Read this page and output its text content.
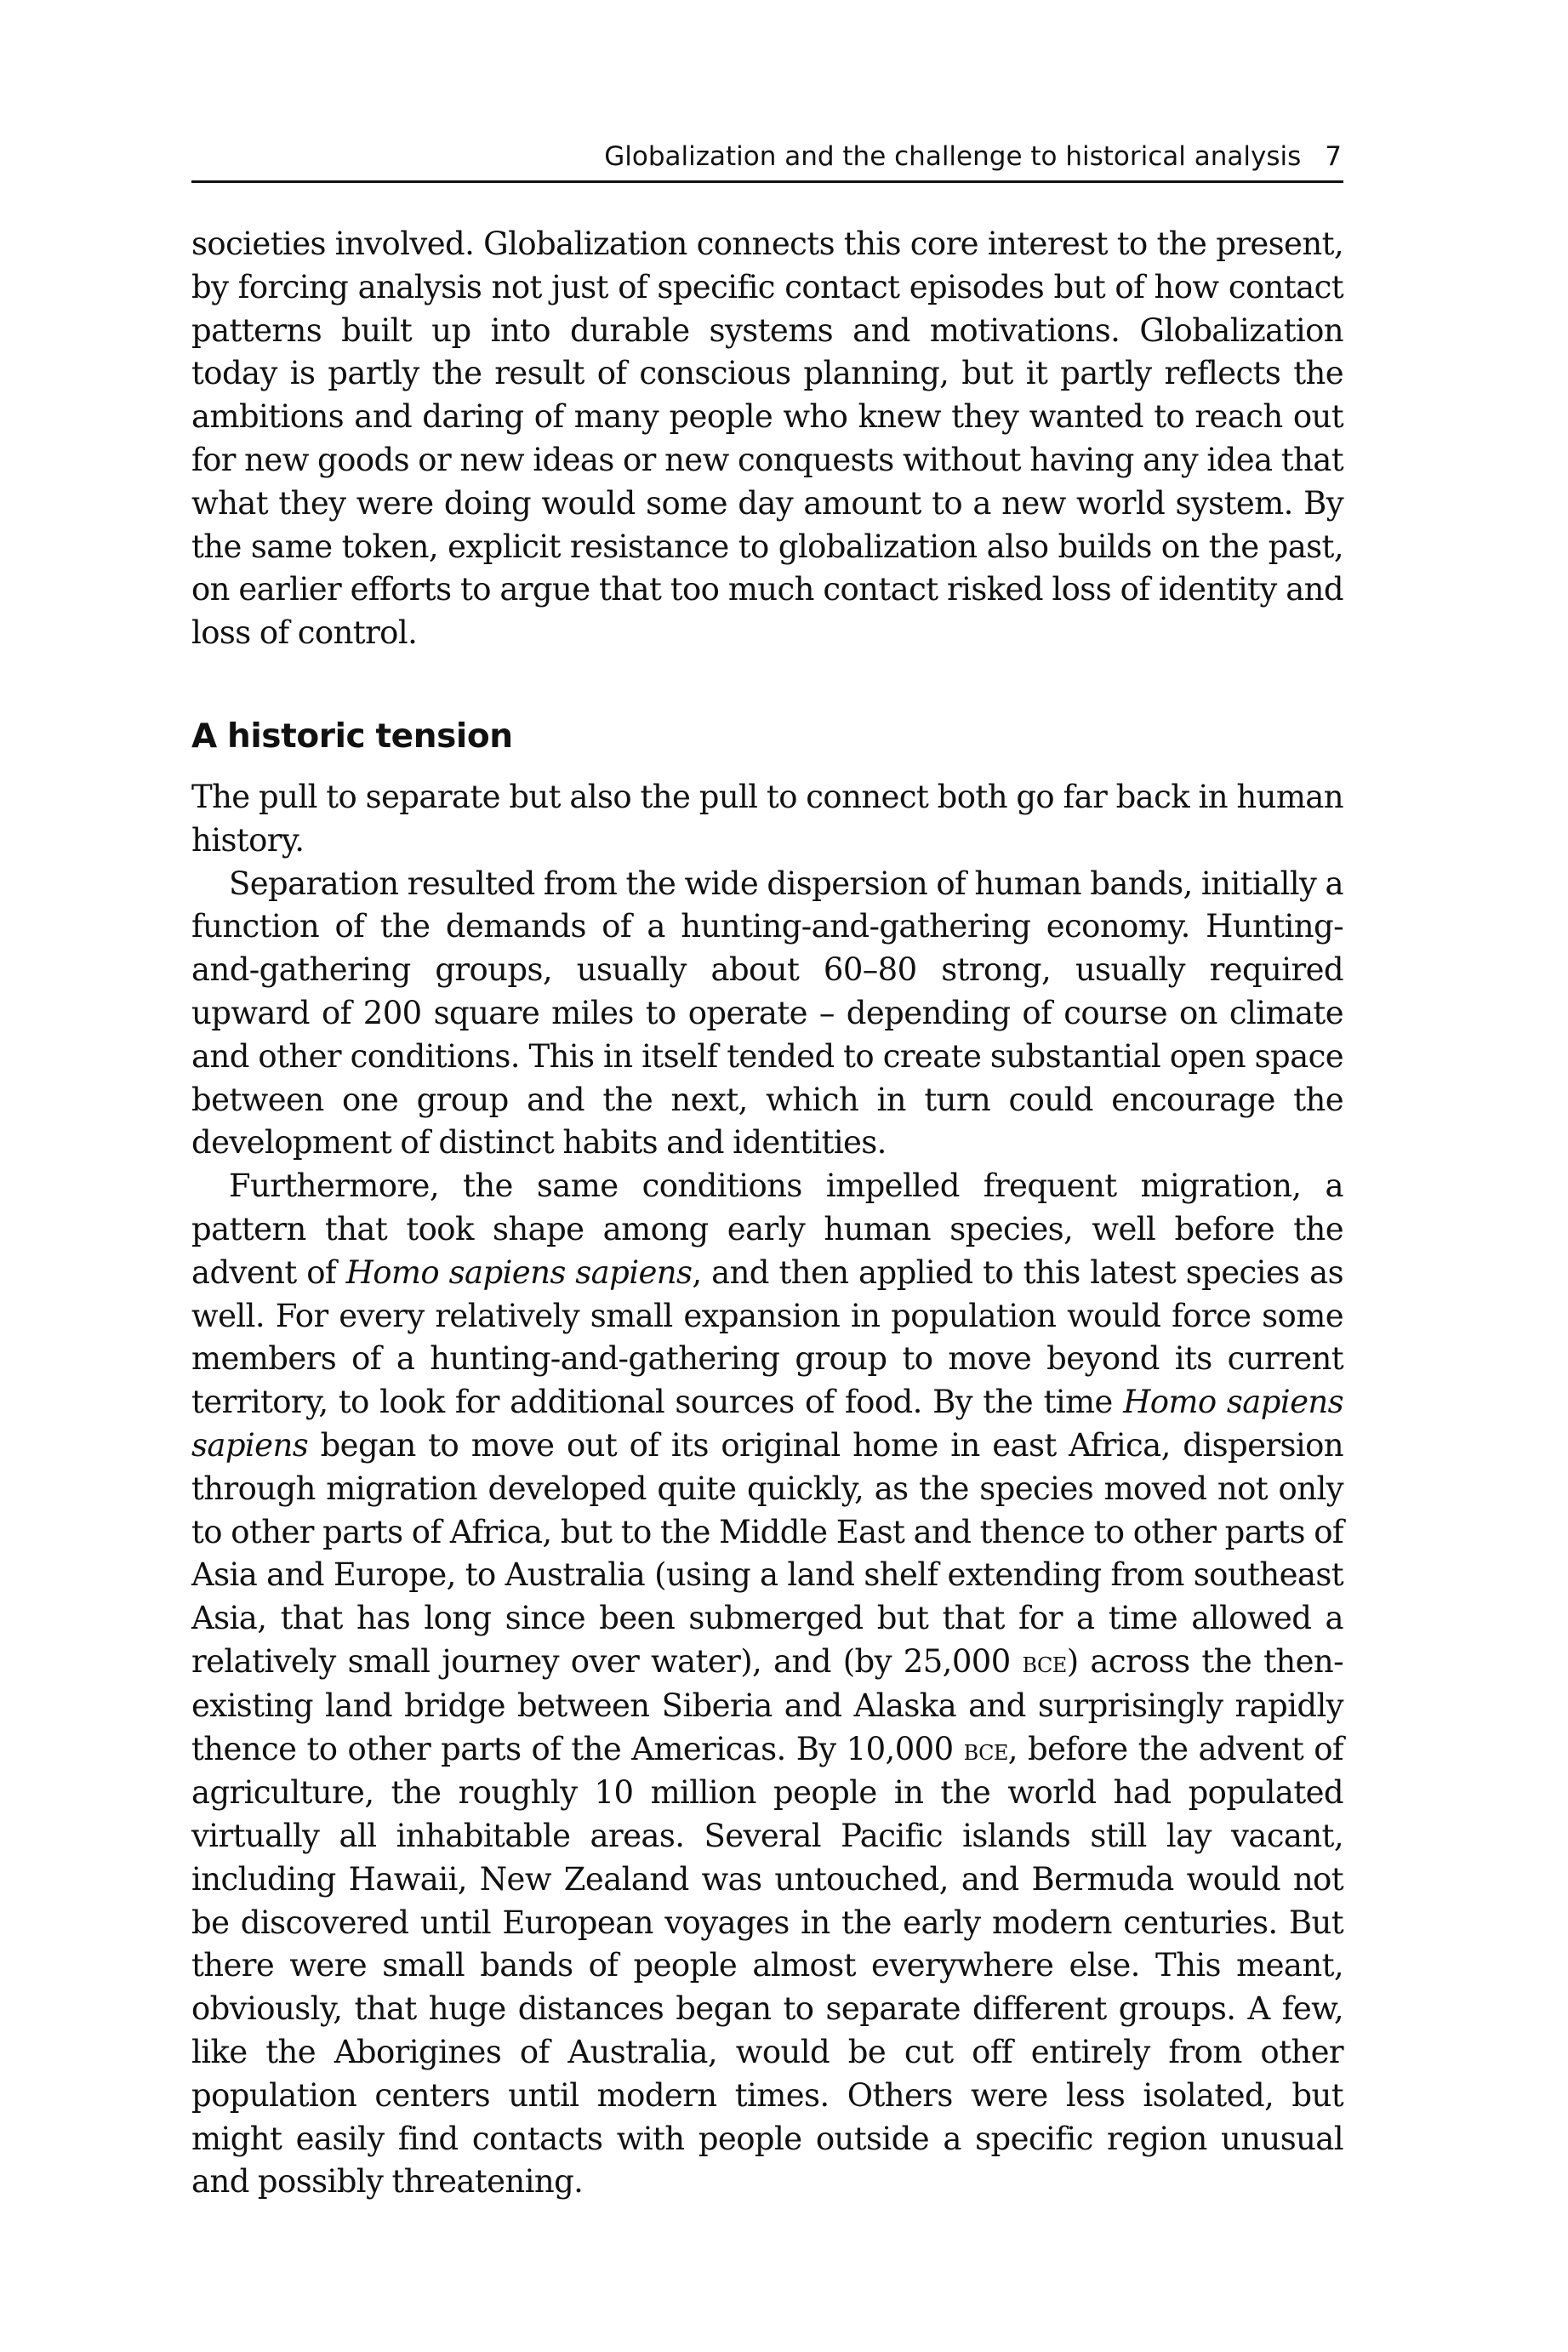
Globalization and the challenge to historical analysis 7

societies involved. Globalization connects this core interest to the present, by forcing analysis not just of specific contact episodes but of how contact patterns built up into durable systems and motivations. Globalization today is partly the result of conscious planning, but it partly reflects the ambitions and daring of many people who knew they wanted to reach out for new goods or new ideas or new conquests without having any idea that what they were doing would some day amount to a new world system. By the same token, explicit resistance to globalization also builds on the past, on earlier efforts to argue that too much contact risked loss of identity and loss of control.

A historic tension

The pull to separate but also the pull to connect both go far back in human history.

Separation resulted from the wide dispersion of human bands, initially a function of the demands of a hunting-and-gathering economy. Hunting-and-gathering groups, usually about 60–80 strong, usually required upward of 200 square miles to operate – depending of course on climate and other conditions. This in itself tended to create substantial open space between one group and the next, which in turn could encourage the development of distinct habits and identities.

Furthermore, the same conditions impelled frequent migration, a pattern that took shape among early human species, well before the advent of Homo sapiens sapiens, and then applied to this latest species as well. For every relatively small expansion in population would force some members of a hunting-and-gathering group to move beyond its current territory, to look for additional sources of food. By the time Homo sapiens sapiens began to move out of its original home in east Africa, dispersion through migration developed quite quickly, as the species moved not only to other parts of Africa, but to the Middle East and thence to other parts of Asia and Europe, to Australia (using a land shelf extending from southeast Asia, that has long since been submerged but that for a time allowed a relatively small journey over water), and (by 25,000 bce) across the then-existing land bridge between Siberia and Alaska and surprisingly rapidly thence to other parts of the Americas. By 10,000 bce, before the advent of agriculture, the roughly 10 million people in the world had populated virtually all inhabitable areas. Several Pacific islands still lay vacant, including Hawaii, New Zealand was untouched, and Bermuda would not be discovered until European voyages in the early modern centuries. But there were small bands of people almost everywhere else. This meant, obviously, that huge distances began to separate different groups. A few, like the Aborigines of Australia, would be cut off entirely from other population centers until modern times. Others were less isolated, but might easily find contacts with people outside a specific region unusual and possibly threatening.
